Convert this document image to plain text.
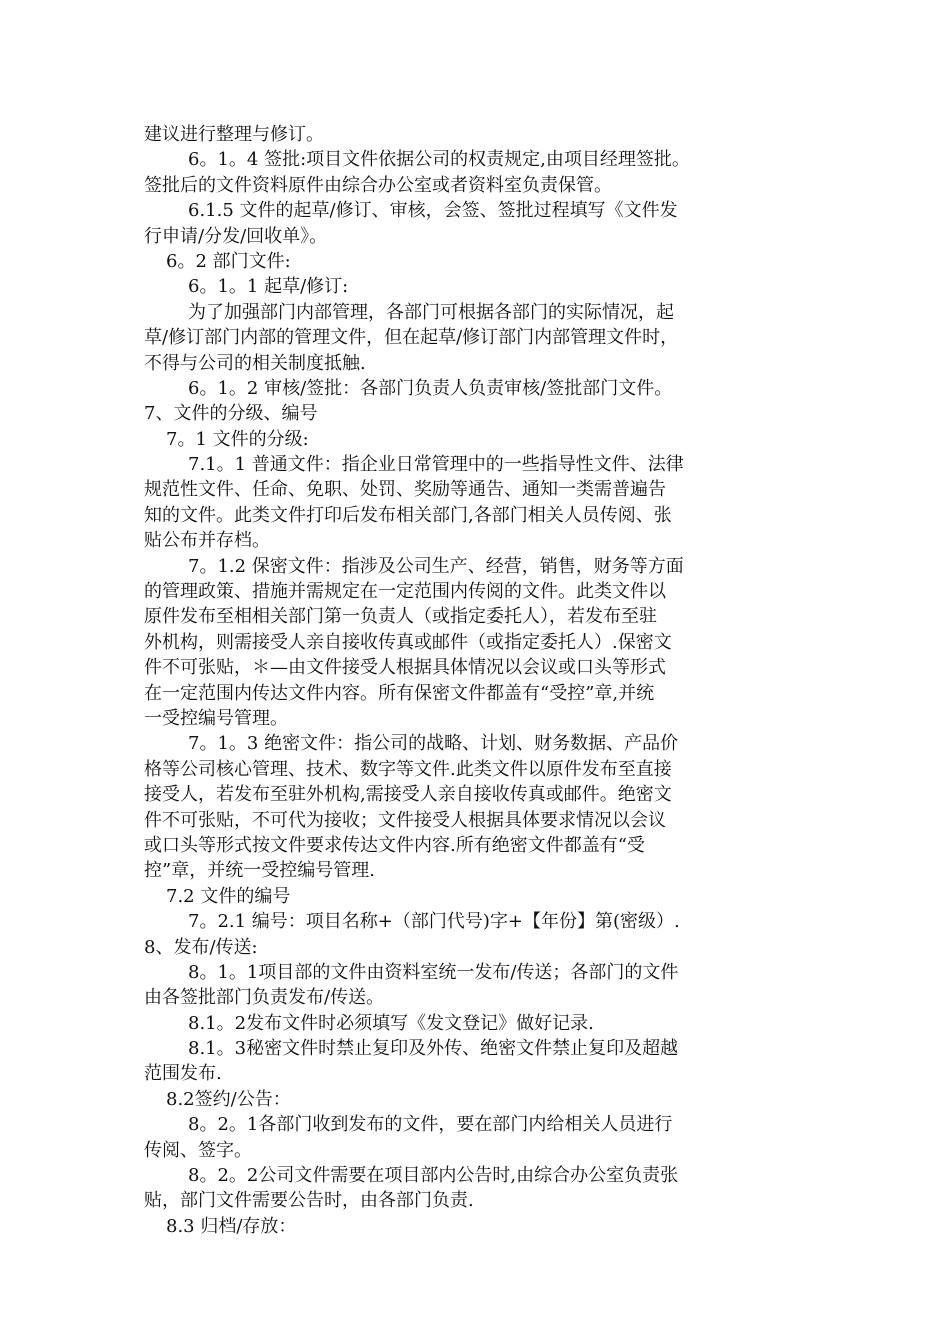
建议进行整理与修订。
6。1。4 签批:项目文件依据公司的权责规定,由项目经理签批。
签批后的文件资料原件由综合办公室或者资料室负责保管。
6.1.5 文件的起草/修订、审核，会签、签批过程填写《文件发
行申请/分发/回收单》。
6。2 部门文件:
6。1。1 起草/修订:
为了加强部门内部管理，各部门可根据各部门的实际情况，起
草/修订部门内部的管理文件，但在起草/修订部门内部管理文件时，
不得与公司的相关制度抵触.
6。1。2 审核/签批：各部门负责人负责审核/签批部门文件。
7、文件的分级、编号
7。1 文件的分级:
7.1。1 普通文件：指企业日常管理中的一些指导性文件、法律
规范性文件、任命、免职、处罚、奖励等通告、通知一类需普遍告
知的文件。此类文件打印后发布相关部门,各部门相关人员传阅、张
贴公布并存档。
7。1.2 保密文件：指涉及公司生产、经营，销售，财务等方面
的管理政策、措施并需规定在一定范围内传阅的文件。此类文件以
原件发布至相相关部门第一负责人（或指定委托人），若发布至驻
外机构，则需接受人亲自接收传真或邮件（或指定委托人）.保密文
件不可张贴，＊—由文件接受人根据具体情况以会议或口头等形式
在一定范围内传达文件内容。所有保密文件都盖有“受控”章,并统
一受控编号管理。
7。1。3 绝密文件：指公司的战略、计划、财务数据、产品价
格等公司核心管理、技术、数字等文件.此类文件以原件发布至直接
接受人，若发布至驻外机构,需接受人亲自接收传真或邮件。绝密文
件不可张贴，不可代为接收；文件接受人根据具体要求情况以会议
或口头等形式按文件要求传达文件内容.所有绝密文件都盖有“受
控”章，并统一受控编号管理.
7.2 文件的编号
7。2.1 编号：项目名称+（部门代号)字+【年份】第(密级）.
8、发布/传送:
8。1。1项目部的文件由资料室统一发布/传送；各部门的文件
由各签批部门负责发布/传送。
8.1。2发布文件时必须填写《发文登记》做好记录.
8.1。3秘密文件时禁止复印及外传、绝密文件禁止复印及超越
范围发布.
8.2签约/公告：
8。2。1各部门收到发布的文件，要在部门内给相关人员进行
传阅、签字。
8。2。2公司文件需要在项目部内公告时,由综合办公室负责张
贴，部门文件需要公告时，由各部门负责.
8.3 归档/存放：
